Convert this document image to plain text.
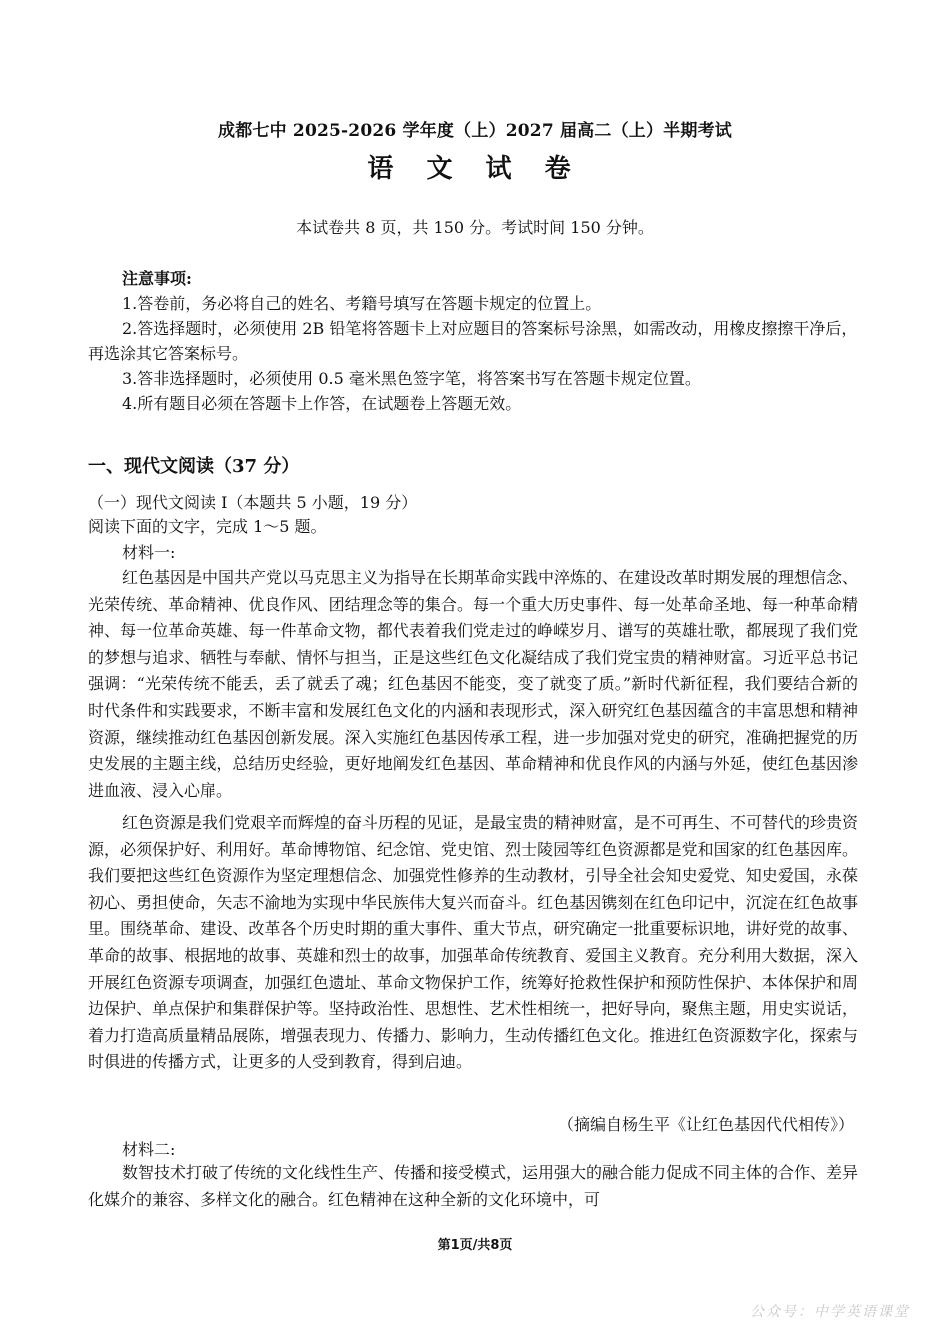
成都七中 2025-2026 学年度（上）2027 届高二（上）半期考试
语 文 试 卷
本试卷共 8 页，共 150 分。考试时间 150 分钟。
注意事项:
1.答卷前，务必将自己的姓名、考籍号填写在答题卡规定的位置上。
2.答选择题时，必须使用 2B 铅笔将答题卡上对应题目的答案标号涂黑，如需改动，用橡皮擦擦干净后，再选涂其它答案标号。
3.答非选择题时，必须使用 0.5 毫米黑色签字笔，将答案书写在答题卡规定位置。
4.所有题目必须在答题卡上作答，在试题卷上答题无效。
一、现代文阅读（37 分）
（一）现代文阅读 I（本题共 5 小题，19 分）
阅读下面的文字，完成 1～5 题。
材料一:
红色基因是中国共产党以马克思主义为指导在长期革命实践中淬炼的、在建设改革时期发展的理想信念、光荣传统、革命精神、优良作风、团结理念等的集合。每一个重大历史事件、每一处革命圣地、每一种革命精神、每一位革命英雄、每一件革命文物，都代表着我们党走过的峥嵘岁月、谱写的英雄壮歌，都展现了我们党的梦想与追求、牺牲与奉献、情怀与担当，正是这些红色文化凝结成了我们党宝贵的精神财富。习近平总书记强调：“光荣传统不能丢，丢了就丢了魂；红色基因不能变，变了就变了质。”新时代新征程，我们要结合新的时代条件和实践要求，不断丰富和发展红色文化的内涵和表现形式，深入研究红色基因蕴含的丰富思想和精神资源，继续推动红色基因创新发展。深入实施红色基因传承工程，进一步加强对党史的研究，准确把握党的历史发展的主题主线，总结历史经验，更好地阐发红色基因、革命精神和优良作风的内涵与外延，使红色基因渗进血液、浸入心扉。
红色资源是我们党艰辛而辉煌的奋斗历程的见证，是最宝贵的精神财富，是不可再生、不可替代的珍贵资源，必须保护好、利用好。革命博物馆、纪念馆、党史馆、烈士陵园等红色资源都是党和国家的红色基因库。我们要把这些红色资源作为坚定理想信念、加强党性修养的生动教材，引导全社会知史爱党、知史爱国，永葆初心、勇担使命，矢志不渝地为实现中华民族伟大复兴而奋斗。红色基因镌刻在红色印记中，沉淀在红色故事里。围绕革命、建设、改革各个历史时期的重大事件、重大节点，研究确定一批重要标识地，讲好党的故事、革命的故事、根据地的故事、英雄和烈士的故事，加强革命传统教育、爱国主义教育。充分利用大数据，深入开展红色资源专项调查，加强红色遗址、革命文物保护工作，统筹好抢救性保护和预防性保护、本体保护和周边保护、单点保护和集群保护等。坚持政治性、思想性、艺术性相统一，把好导向，聚焦主题，用史实说话，着力打造高质量精品展陈，增强表现力、传播力、影响力，生动传播红色文化。推进红色资源数字化，探索与时俱进的传播方式，让更多的人受到教育，得到启迪。
（摘编自杨生平《让红色基因代代相传》）
材料二:
数智技术打破了传统的文化线性生产、传播和接受模式，运用强大的融合能力促成不同主体的合作、差异化媒介的兼容、多样文化的融合。红色精神在这种全新的文化环境中，可
第1页/共8页
公众号：中学英语课堂
